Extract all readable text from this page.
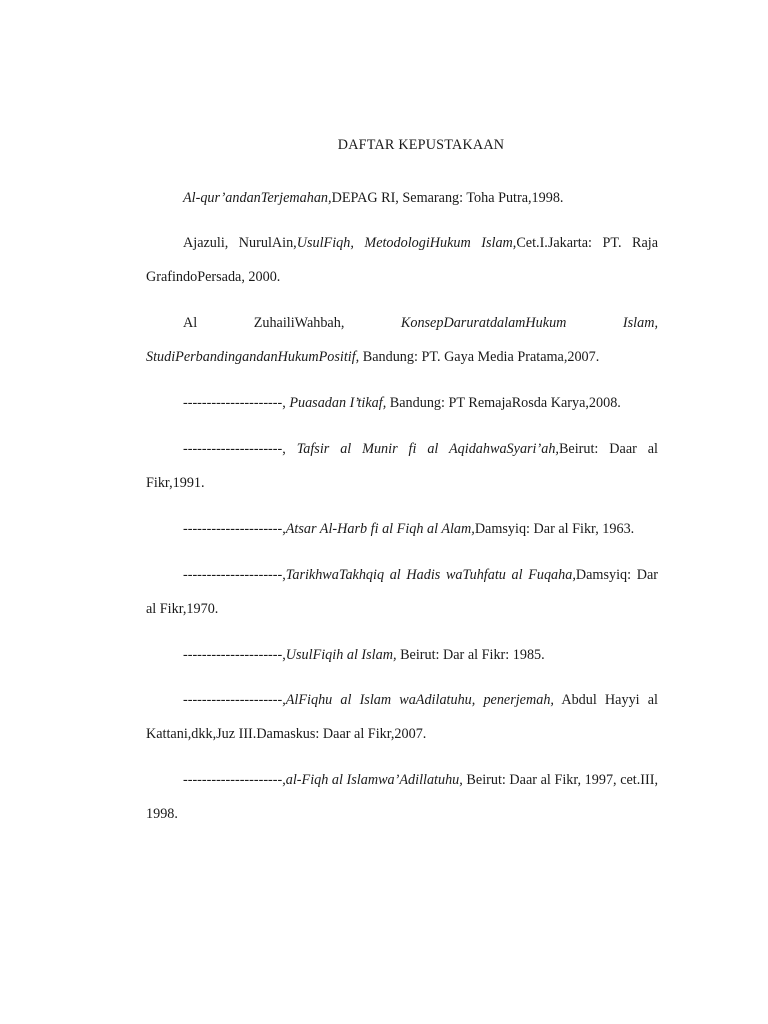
DAFTAR KEPUSTAKAAN
Al-qur’andanTerjemahan,DEPAG RI, Semarang: Toha Putra,1998.
Ajazuli, NurulAin,UsulFiqh, MetodologiHukum Islam,Cet.I.Jakarta: PT. Raja GrafindoPersada, 2000.
Al ZuhailiWahbah, KonsepDaruratdalamHukum Islam, StudiPerbandingandanHukumPositif, Bandung: PT. Gaya Media Pratama,2007.
---------------------, Puasadan I’tikaf, Bandung: PT RemajaRosda Karya,2008.
---------------------, Tafsir al Munir fi al AqidahwaSyari’ah,Beirut: Daar al Fikr,1991.
---------------------,Atsar Al-Harb fi al Fiqh al Alam,Damsyiq: Dar al Fikr, 1963.
---------------------,TarikhwaTakhqiq al Hadis waTuhfatu al Fuqaha,Damsyiq: Dar al Fikr,1970.
---------------------,UsulFiqih al Islam, Beirut: Dar al Fikr: 1985.
---------------------,AlFiqhu al Islam waAdilatuhu, penerjemah, Abdul Hayyi al Kattani,dkk,Juz III.Damaskus: Daar al Fikr,2007.
---------------------,al-Fiqh al Islamwa’Adillatuhu, Beirut: Daar al Fikr, 1997, cet.III, 1998.
